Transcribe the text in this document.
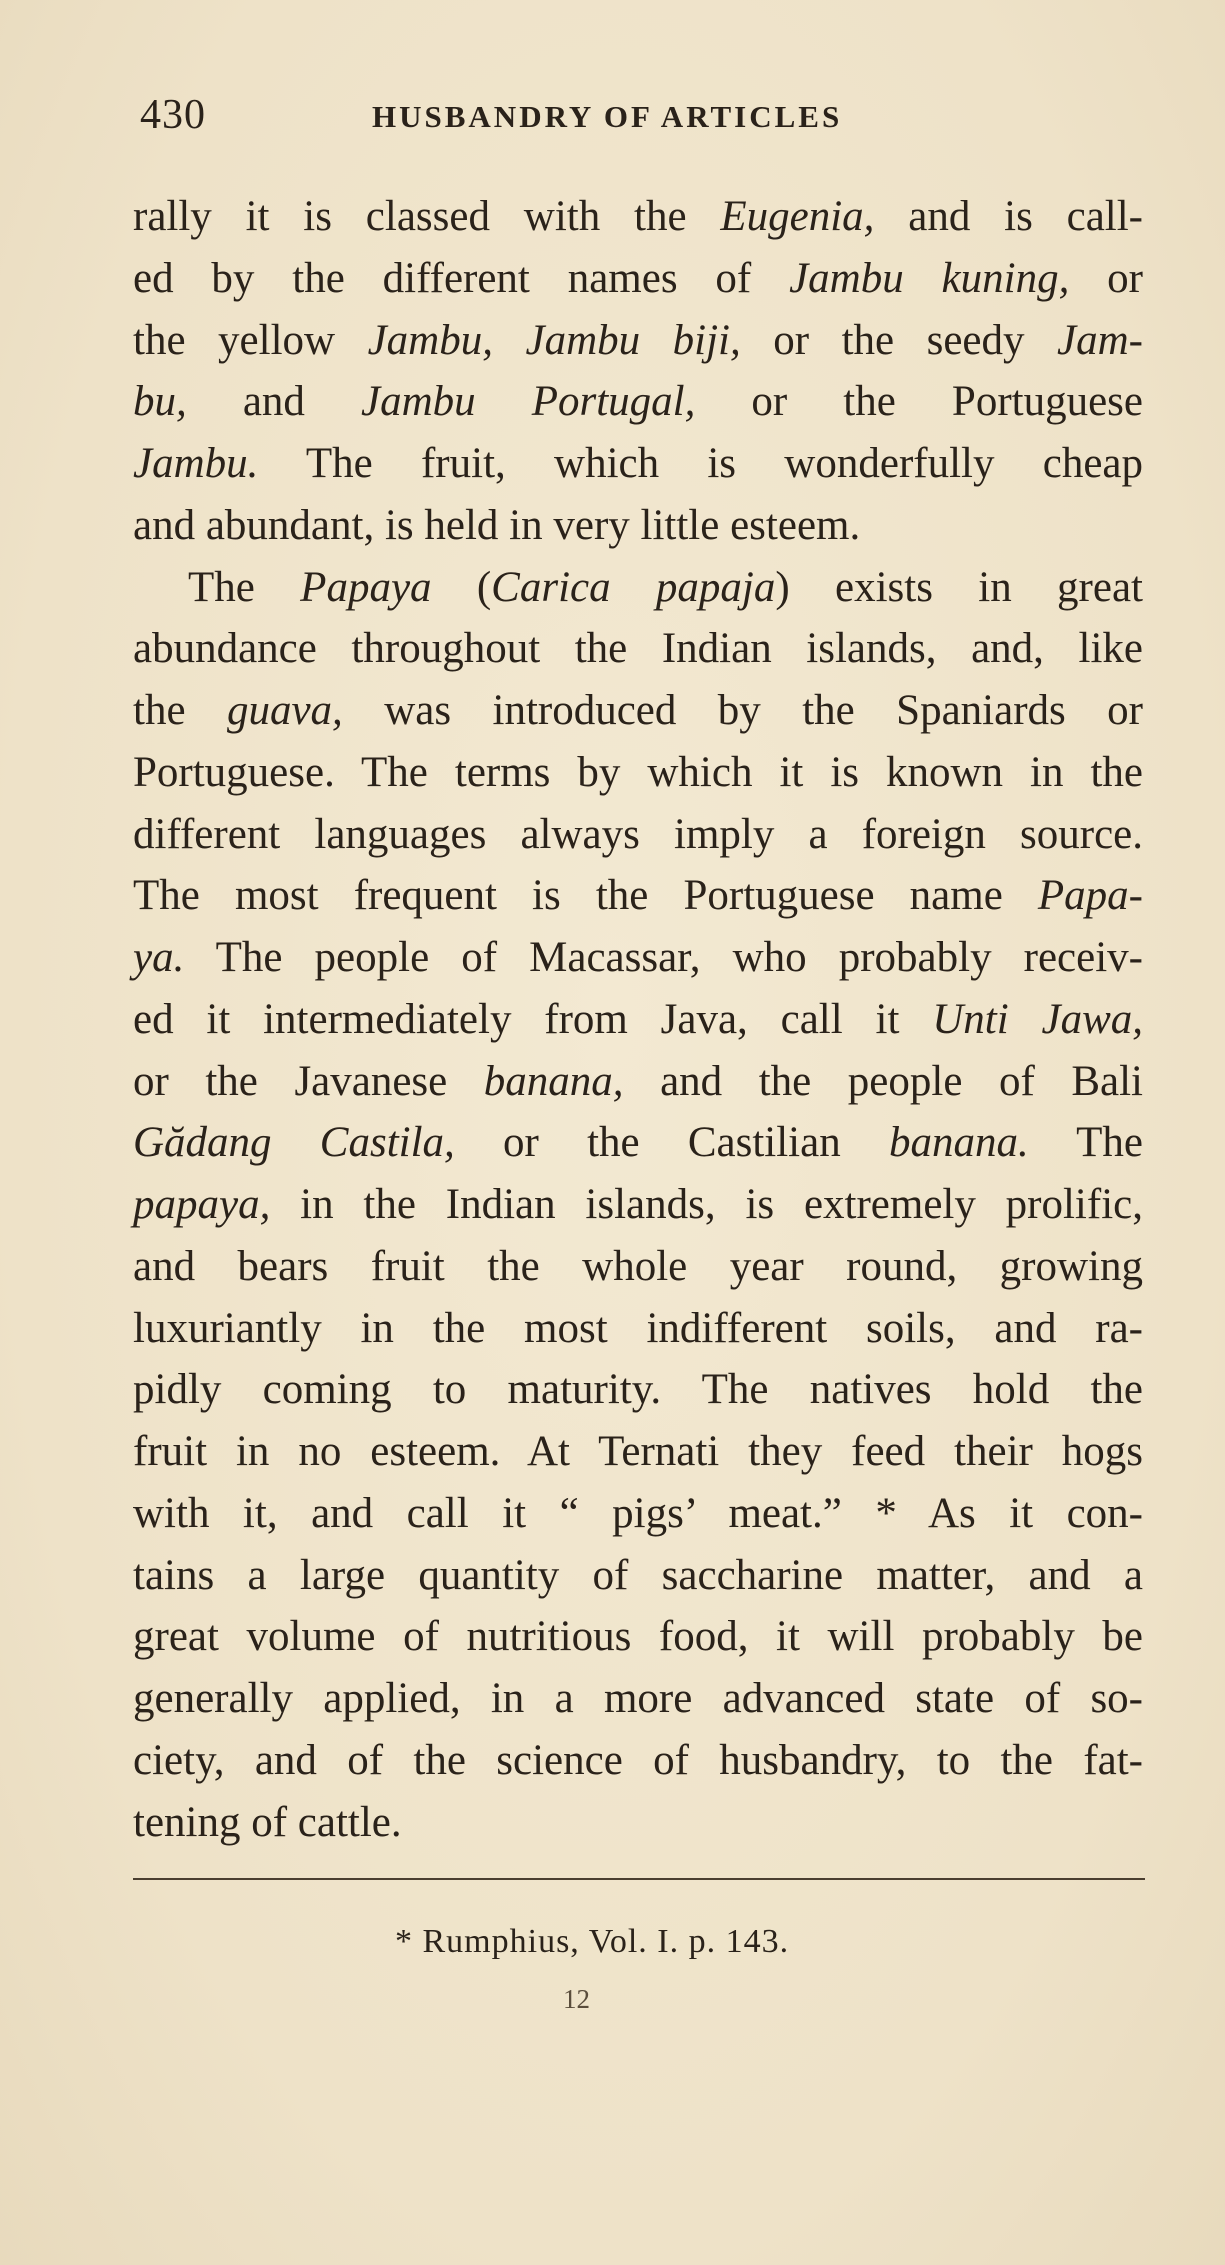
430	HUSBANDRY OF ARTICLES
rally it is classed with the Eugenia, and is call-
ed by the different names of Jambu kuning, or
the yellow Jambu, Jambu biji, or the seedy Jam-
bu, and Jambu Portugal, or the Portuguese
Jambu. The fruit, which is wonderfully cheap
and abundant, is held in very little esteem.
The Papaya (Carica papaja) exists in great
abundance throughout the Indian islands, and, like
the guava, was introduced by the Spaniards or
Portuguese. The terms by which it is known in the
different languages always imply a foreign source.
The most frequent is the Portuguese name Papa-
ya. The people of Macassar, who probably receiv-
ed it intermediately from Java, call it Unti Jawa,
or the Javanese banana, and the people of Bali
Gădang Castila, or the Castilian banana. The
papaya, in the Indian islands, is extremely prolific,
and bears fruit the whole year round, growing
luxuriantly in the most indifferent soils, and ra-
pidly coming to maturity. The natives hold the
fruit in no esteem. At Ternati they feed their hogs
with it, and call it “ pigs’ meat.” * As it con-
tains a large quantity of saccharine matter, and a
great volume of nutritious food, it will probably be
generally applied, in a more advanced state of so-
ciety, and of the science of husbandry, to the fat-
tening of cattle.
* Rumphius, Vol. I. p. 143.
12
